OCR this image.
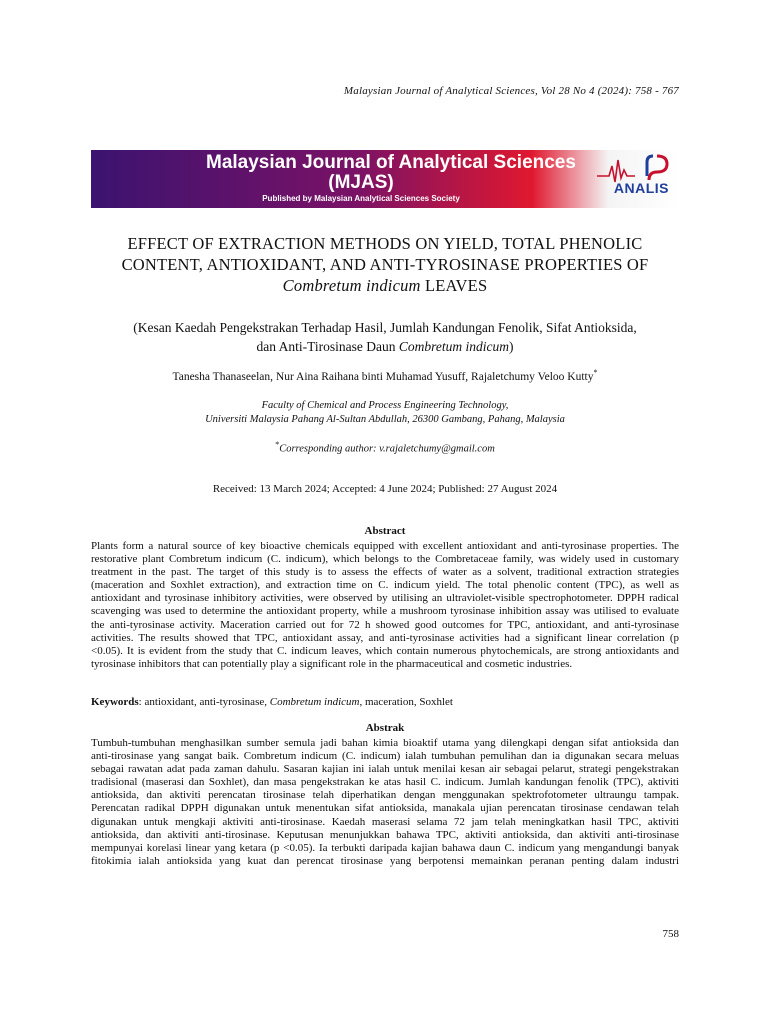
Malaysian Journal of Analytical Sciences, Vol 28 No 4 (2024): 758 - 767
Malaysian Journal of Analytical Sciences
(MJAS)
Published by Malaysian Analytical Sciences Society
ANALIS
EFFECT OF EXTRACTION METHODS ON YIELD, TOTAL PHENOLIC
CONTENT, ANTIOXIDANT, AND ANTI-TYROSINASE PROPERTIES OF
Combretum indicum LEAVES
(Kesan Kaedah Pengekstrakan Terhadap Hasil, Jumlah Kandungan Fenolik, Sifat Antioksida,
dan Anti-Tirosinase Daun Combretum indicum)
Tanesha Thanaseelan, Nur Aina Raihana binti Muhamad Yusuff, Rajaletchumy Veloo Kutty*
Faculty of Chemical and Process Engineering Technology,
Universiti Malaysia Pahang Al-Sultan Abdullah, 26300 Gambang, Pahang, Malaysia
*Corresponding author: v.rajaletchumy@gmail.com
Received: 13 March 2024; Accepted: 4 June 2024; Published: 27 August 2024
Abstract
Plants form a natural source of key bioactive chemicals equipped with excellent antioxidant and anti-tyrosinase properties. The
restorative plant Combretum indicum (C. indicum), which belongs to the Combretaceae family, was widely used in customary
treatment in the past. The target of this study is to assess the effects of water as a solvent, traditional extraction strategies
(maceration and Soxhlet extraction), and extraction time on C. indicum yield. The total phenolic content (TPC), as well as
antioxidant and tyrosinase inhibitory activities, were observed by utilising an ultraviolet-visible spectrophotometer. DPPH radical
scavenging was used to determine the antioxidant property, while a mushroom tyrosinase inhibition assay was utilised to evaluate
the anti-tyrosinase activity. Maceration carried out for 72 h showed good outcomes for TPC, antioxidant, and anti-tyrosinase
activities. The results showed that TPC, antioxidant assay, and anti-tyrosinase activities had a significant linear correlation (p
<0.05). It is evident from the study that C. indicum leaves, which contain numerous phytochemicals, are strong antioxidants and
tyrosinase inhibitors that can potentially play a significant role in the pharmaceutical and cosmetic industries.
Keywords: antioxidant, anti-tyrosinase, Combretum indicum, maceration, Soxhlet
Abstrak
Tumbuh-tumbuhan menghasilkan sumber semula jadi bahan kimia bioaktif utama yang dilengkapi dengan sifat antioksida dan
anti-tirosinase yang sangat baik. Combretum indicum (C. indicum) ialah tumbuhan pemulihan dan ia digunakan secara meluas
sebagai rawatan adat pada zaman dahulu. Sasaran kajian ini ialah untuk menilai kesan air sebagai pelarut, strategi pengekstrakan
tradisional (maserasi dan Soxhlet), dan masa pengekstrakan ke atas hasil C. indicum. Jumlah kandungan fenolik (TPC), aktiviti
antioksida, dan aktiviti perencatan tirosinase telah diperhatikan dengan menggunakan spektrofotometer ultraungu tampak.
Perencatan radikal DPPH digunakan untuk menentukan sifat antioksida, manakala ujian perencatan tirosinase cendawan telah
digunakan untuk mengkaji aktiviti anti-tirosinase. Kaedah maserasi selama 72 jam telah meningkatkan hasil TPC, aktiviti
antioksida, dan aktiviti anti-tirosinase. Keputusan menunjukkan bahawa TPC, aktiviti antioksida, dan aktiviti anti-tirosinase
mempunyai korelasi linear yang ketara (p <0.05). Ia terbukti daripada kajian bahawa daun C. indicum yang mengandungi banyak
fitokimia ialah antioksida yang kuat dan perencat tirosinase yang berpotensi memainkan peranan penting dalam industri
758
